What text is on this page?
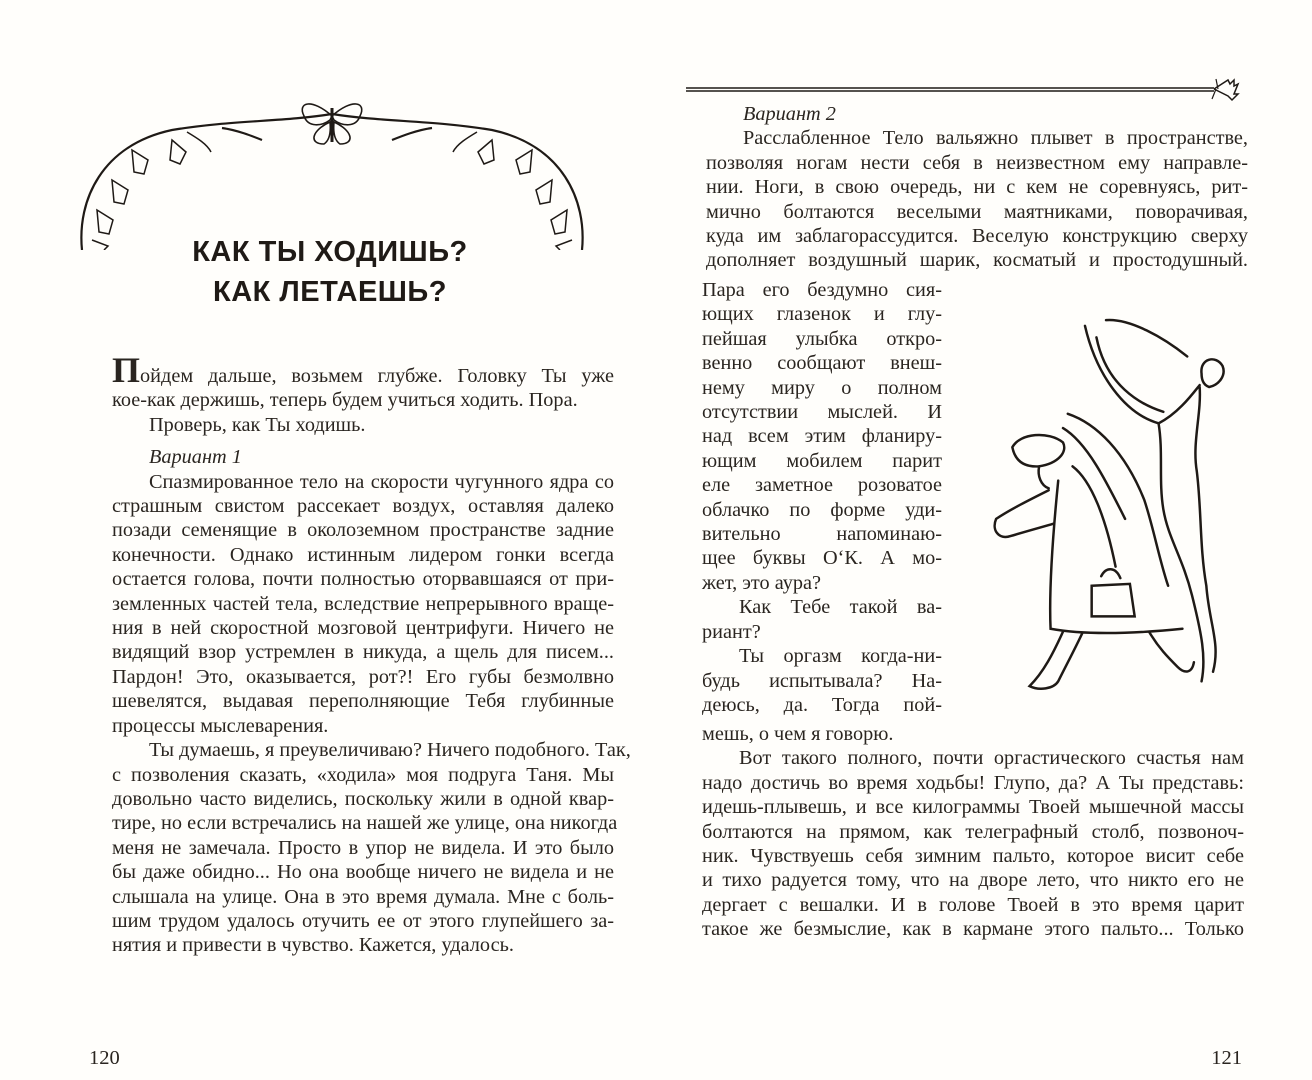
КАК ТЫ ХОДИШЬ?
КАК ЛЕТАЕШЬ?

Пойдем дальше, возьмем глубже. Головку Ты уже

кое-как держишь, теперь будем учиться ходить. Пора.

Проверь, как Ты ходишь.

Вариант 1

Спазмированное тело на скорости чугунного ядра со

страшным свистом рассекает воздух, оставляя далеко

позади семенящие в околоземном пространстве задние

конечности. Однако истинным лидером гонки всегда

остается голова, почти полностью оторвавшаяся от при-

земленных частей тела, вследствие непрерывного враще-

ния в ней скоростной мозговой центрифуги. Ничего не

видящий взор устремлен в никуда, а щель для писем...

Пардон! Это, оказывается, рот?! Его губы безмолвно

шевелятся, выдавая переполняющие Тебя глубинные

процессы мыслеварения.

Ты думаешь, я преувеличиваю? Ничего подобного. Так,

с позволения сказать, «ходила» моя подруга Таня. Мы

довольно часто виделись, поскольку жили в одной квар-

тире, но если встречались на нашей же улице, она никогда

меня не замечала. Просто в упор не видела. И это было

бы даже обидно... Но она вообще ничего не видела и не

слышала на улице. Она в это время думала. Мне с боль-

шим трудом удалось отучить ее от этого глупейшего за-

нятия и привести в чувство. Кажется, удалось.

120

Вариант 2

Расслабленное Тело вальяжно плывет в пространстве,

позволяя ногам нести себя в неизвестном ему направле-

нии. Ноги, в свою очередь, ни с кем не соревнуясь, рит-

мично болтаются веселыми маятниками, поворачивая,

куда им заблагорассудится. Веселую конструкцию сверху

дополняет воздушный шарик, косматый и простодушный.

Пара его бездумно сия-

ющих глазенок и глу-

пейшая улыбка откро-

венно сообщают внеш-

нему миру о полном

отсутствии мыслей. И

над всем этим фланиру-

ющим мобилем парит

еле заметное розоватое

облачко по форме уди-

вительно напоминаю-

щее буквы О‘К. А мо-

жет, это аура?

Как Тебе такой ва-

риант?

Ты оргазм когда-ни-

будь испытывала? На-

деюсь, да. Тогда пой-

мешь, о чем я говорю.

Вот такого полного, почти оргастического счастья нам

надо достичь во время ходьбы! Глупо, да? А Ты представь:

идешь-плывешь, и все килограммы Твоей мышечной массы

болтаются на прямом, как телеграфный столб, позвоноч-

ник. Чувствуешь себя зимним пальто, которое висит себе

и тихо радуется тому, что на дворе лето, что никто его не

дергает с вешалки. И в голове Твоей в это время царит

такое же безмыслие, как в кармане этого пальто... Только

121
